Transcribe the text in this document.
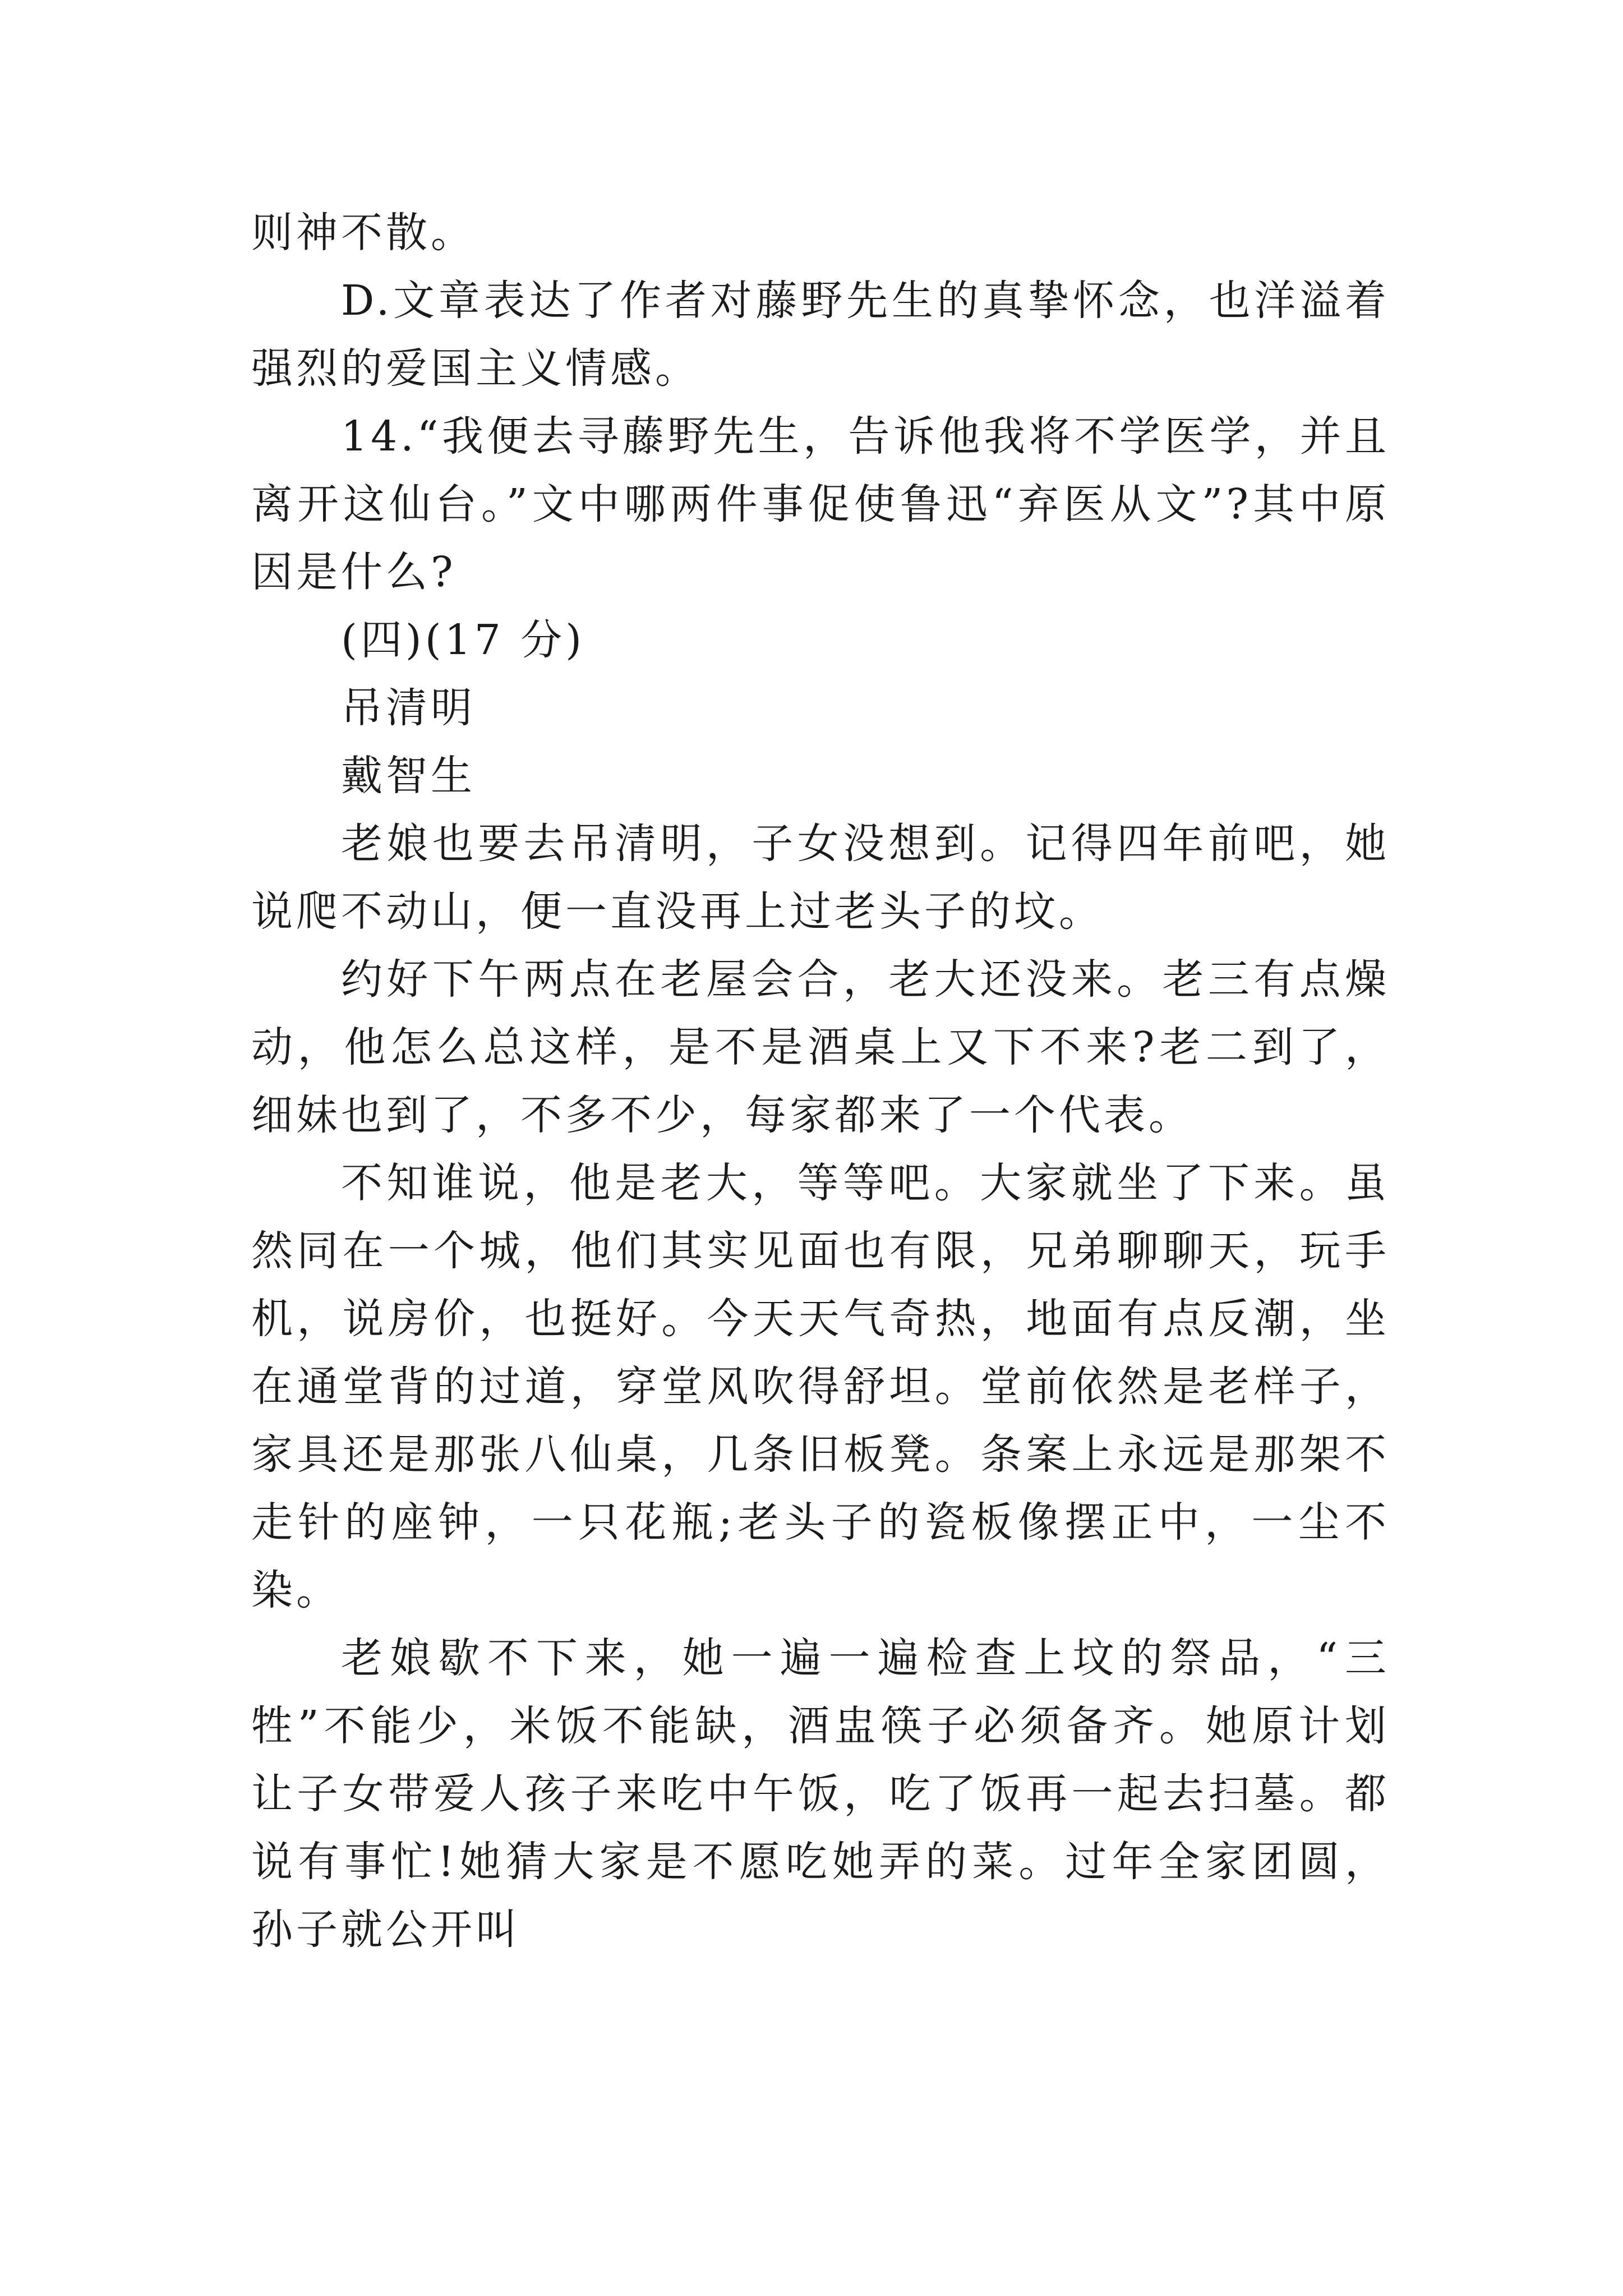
则神不散。

D.文章表达了作者对藤野先生的真挚怀念，也洋溢着强烈的爱国主义情感。

14.“我便去寻藤野先生，告诉他我将不学医学，并且离开这仙台。”文中哪两件事促使鲁迅“弃医从文”?其中原因是什么?

(四)(17 分)

吊清明

戴智生

老娘也要去吊清明，子女没想到。记得四年前吧，她说爬不动山，便一直没再上过老头子的坟。

约好下午两点在老屋会合，老大还没来。老三有点燥动，他怎么总这样，是不是酒桌上又下不来?老二到了，细妹也到了，不多不少，每家都来了一个代表。

不知谁说，他是老大，等等吧。大家就坐了下来。虽然同在一个城，他们其实见面也有限，兄弟聊聊天，玩手机，说房价，也挺好。今天天气奇热，地面有点反潮，坐在通堂背的过道，穿堂风吹得舒坦。堂前依然是老样子，家具还是那张八仙桌，几条旧板凳。条案上永远是那架不走针的座钟，一只花瓶;老头子的瓷板像摆正中，一尘不染。

老娘歇不下来，她一遍一遍检查上坟的祭品，“三牲”不能少，米饭不能缺，酒盅筷子必须备齐。她原计划让子女带爱人孩子来吃中午饭，吃了饭再一起去扫墓。都说有事忙!她猜大家是不愿吃她弄的菜。过年全家团圆，孙子就公开叫
